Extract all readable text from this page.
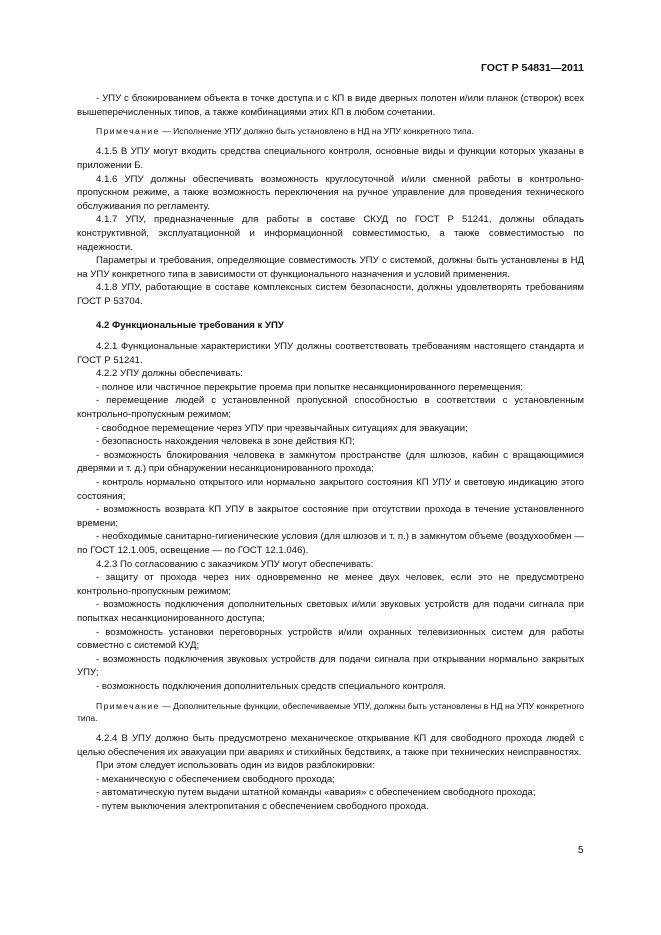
ГОСТ Р 54831—2011

- УПУ с блокированием объекта в точке доступа и с КП в виде дверных полотен и/или планок (створок) всех вышеперечисленных типов, а также комбинациями этих КП в любом сочетании.

Примечание — Исполнение УПУ должно быть установлено в НД на УПУ конкретного типа.

4.1.5 В УПУ могут входить средства специального контроля, основные виды и функции которых указаны в приложении Б.

4.1.6 УПУ должны обеспечивать возможность круглосуточной и/или сменной работы в контрольно-пропускном режиме, а также возможность переключения на ручное управление для проведения технического обслуживания по регламенту.

4.1.7 УПУ, предназначенные для работы в составе СКУД по ГОСТ Р 51241, должны обладать конструктивной, эксплуатационной и информационной совместимостью, а также совместимостью по надежности.

Параметры и требования, определяющие совместимость УПУ с системой, должны быть установлены в НД на УПУ конкретного типа в зависимости от функционального назначения и условий применения.

4.1.8 УПУ, работающие в составе комплексных систем безопасности, должны удовлетворять требованиям ГОСТ Р 53704.

4.2 Функциональные требования к УПУ

4.2.1 Функциональные характеристики УПУ должны соответствовать требованиям настоящего стандарта и ГОСТ Р 51241.

4.2.2 УПУ должны обеспечивать:

- полное или частичное перекрытие проема при попытке несанкционированного перемещения;

- перемещение людей с установленной пропускной способностью в соответствии с установленным контрольно-пропускным режимом;

- свободное перемещение через УПУ при чрезвычайных ситуациях для эвакуации;

- безопасность нахождения человека в зоне действия КП;

- возможность блокирования человека в замкнутом пространстве (для шлюзов, кабин с вращающимися дверями и т. д.) при обнаружении несанкционированного прохода;

- контроль нормально открытого или нормально закрытого состояния КП УПУ и световую индикацию этого состояния;

- возможность возврата КП УПУ в закрытое состояние при отсутствии прохода в течение установленного времени;

- необходимые санитарно-гигиенические условия (для шлюзов и т. п.) в замкнутом объеме (воздухообмен — по ГОСТ 12.1.005, освещение — по ГОСТ 12.1.046).

4.2.3 По согласованию с заказчиком УПУ могут обеспечивать:

- защиту от прохода через них одновременно не менее двух человек, если это не предусмотрено контрольно-пропускным режимом;

- возможность подключения дополнительных световых и/или звуковых устройств для подачи сигнала при попытках несанкционированного доступа;

- возможность установки переговорных устройств и/или охранных телевизионных систем для работы совместно с системой КУД;

- возможность подключения звуковых устройств для подачи сигнала при открывании нормально закрытых УПУ;

- возможность подключения дополнительных средств специального контроля.

Примечание — Дополнительные функции, обеспечиваемые УПУ, должны быть установлены в НД на УПУ конкретного типа.

4.2.4 В УПУ должно быть предусмотрено механическое открывание КП для свободного прохода людей с целью обеспечения их эвакуации при авариях и стихийных бедствиях, а также при технических неисправностях.

При этом следует использовать один из видов разблокировки:

- механическую с обеспечением свободного прохода;

- автоматическую путем выдачи штатной команды «авария» с обеспечением свободного прохода;

- путем выключения электропитания с обеспечением свободного прохода.

5
